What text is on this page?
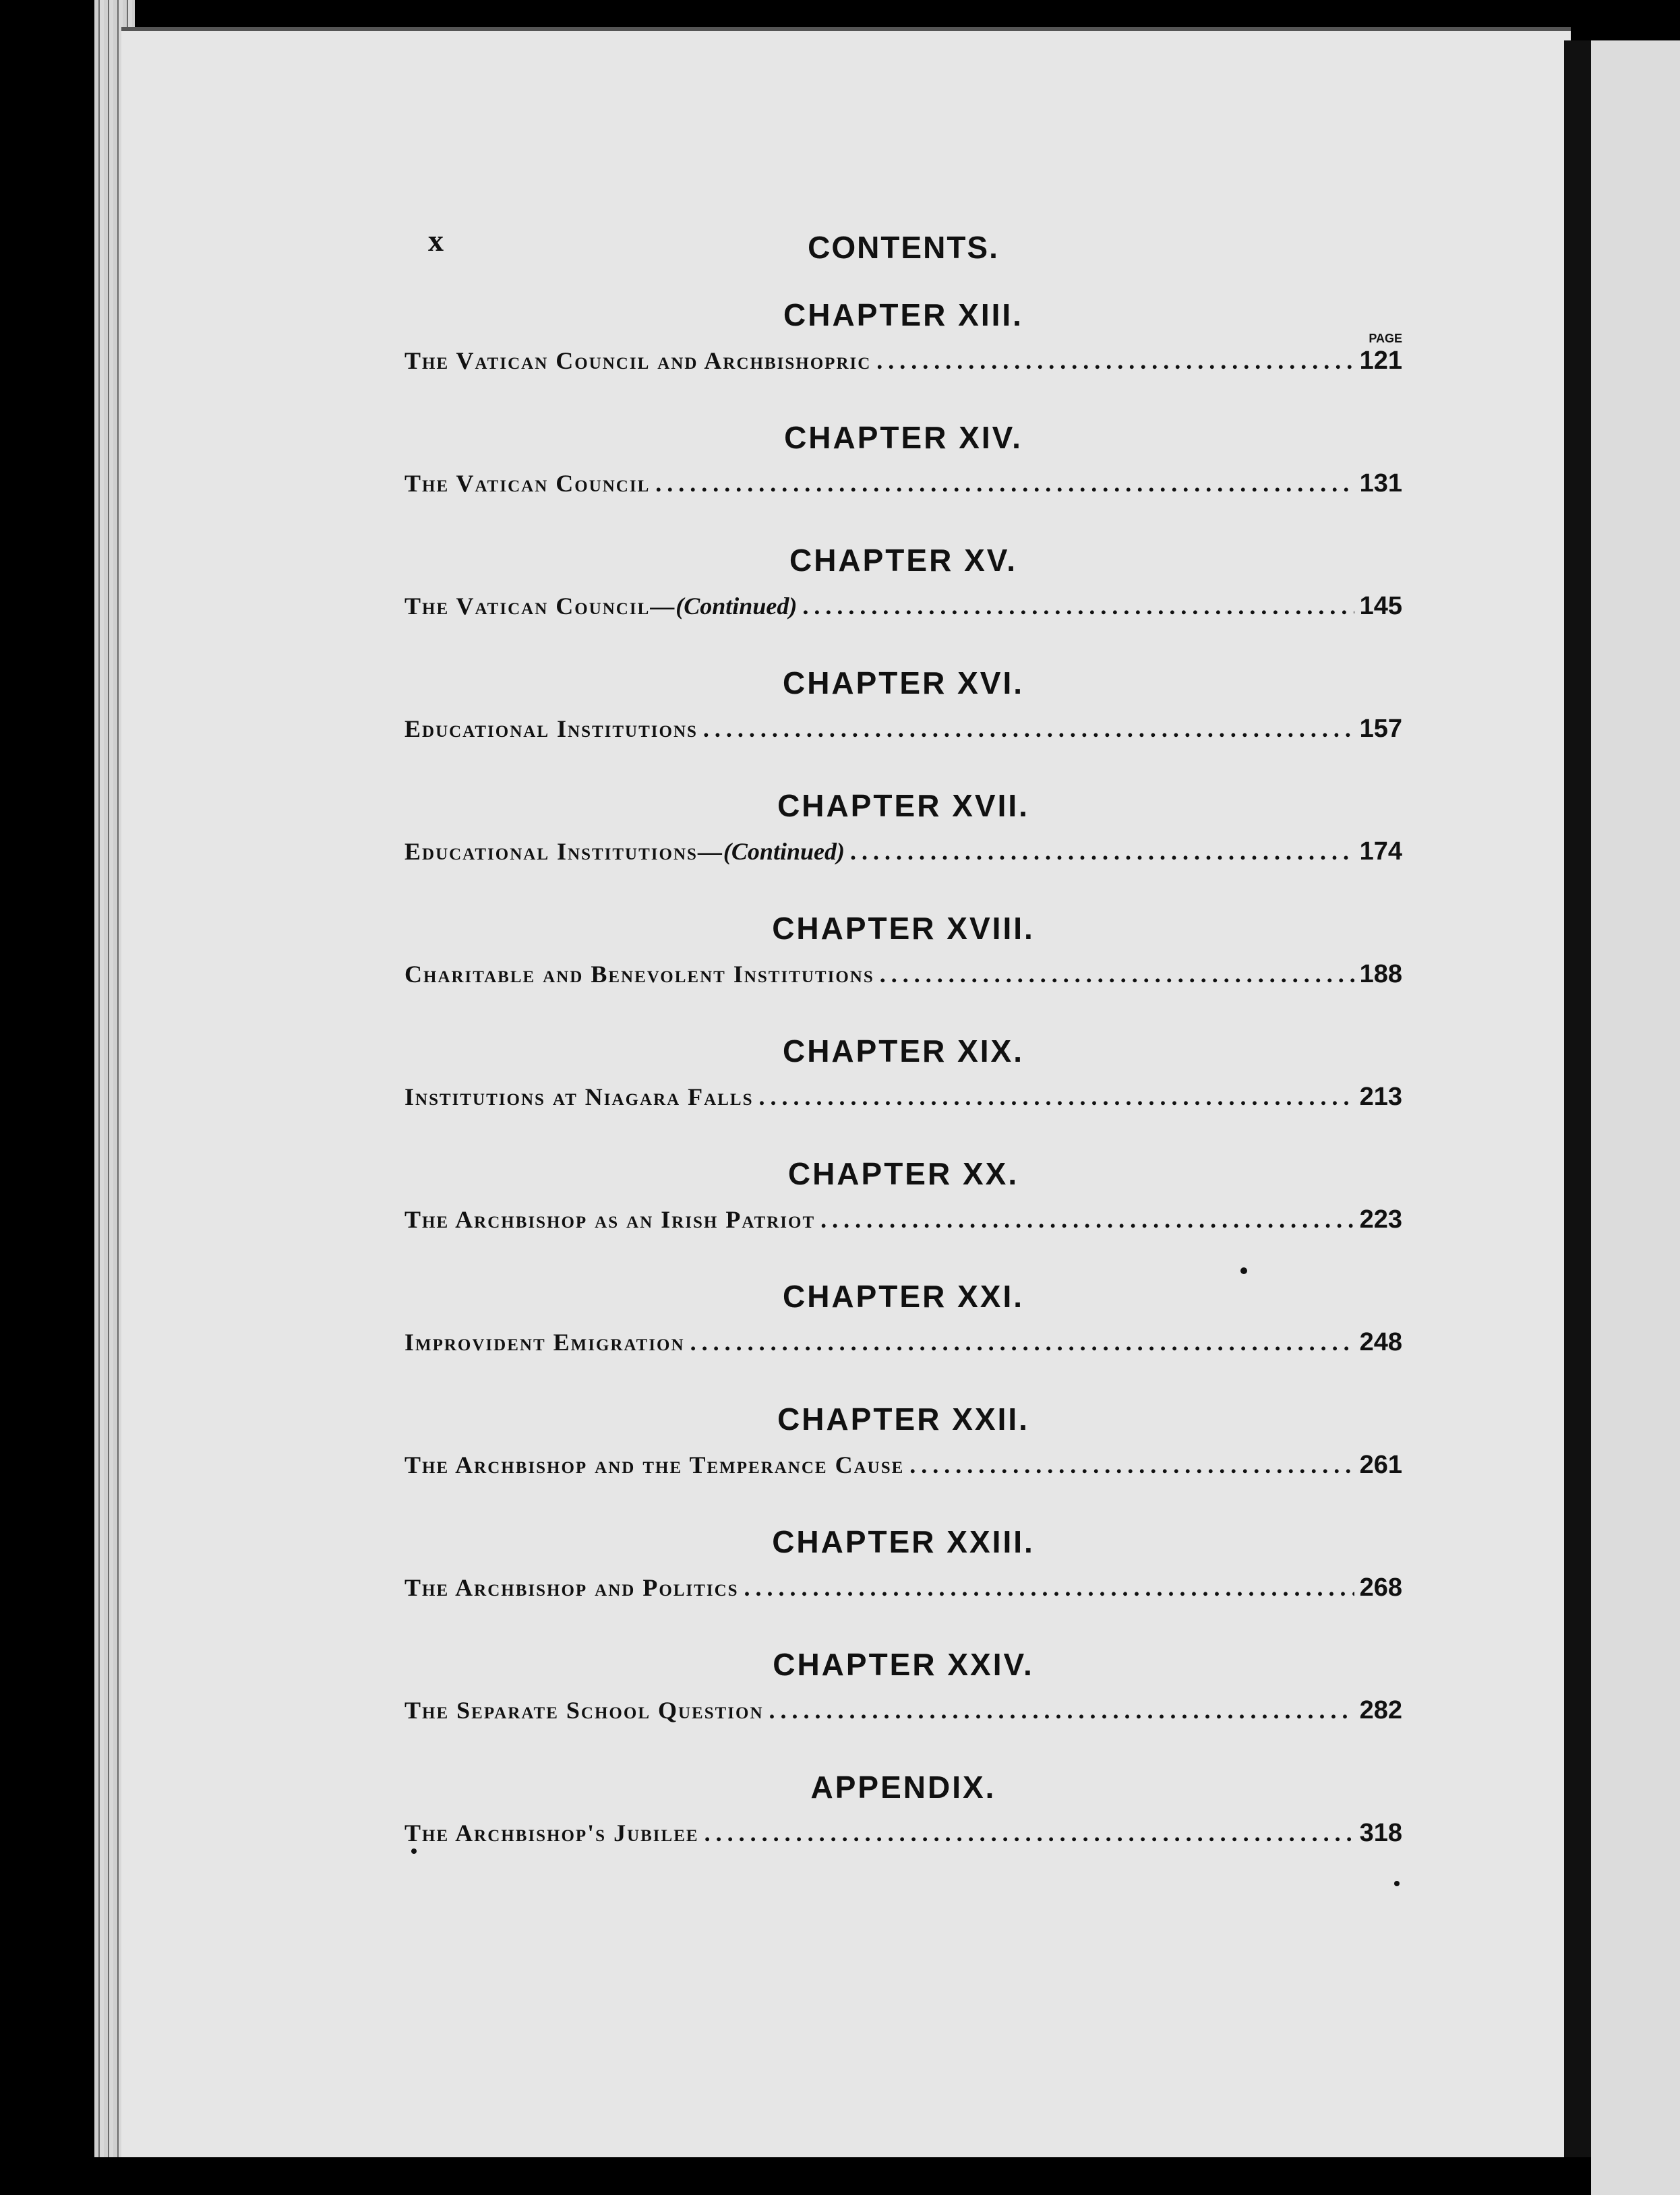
x	CONTENTS.
CHAPTER XIII.
PAGE
The Vatican Council and Archbishopric .....	121
CHAPTER XIV.
The Vatican Council .....	131
CHAPTER XV.
The Vatican Council—(Continued) .....	145
CHAPTER XVI.
Educational Institutions .....	157
CHAPTER XVII.
Educational Institutions—(Continued) .....	174
CHAPTER XVIII.
Charitable and Benevolent Institutions .....	188
CHAPTER XIX.
Institutions at Niagara Falls .....	213
CHAPTER XX.
The Archbishop as an Irish Patriot .....	223
CHAPTER XXI.
Improvident Emigration .....	248
CHAPTER XXII.
The Archbishop and the Temperance Cause .....	261
CHAPTER XXIII.
The Archbishop and Politics .....	268
CHAPTER XXIV.
The Separate School Question .....	282
APPENDIX.
The Archbishop's Jubilee .....	318
